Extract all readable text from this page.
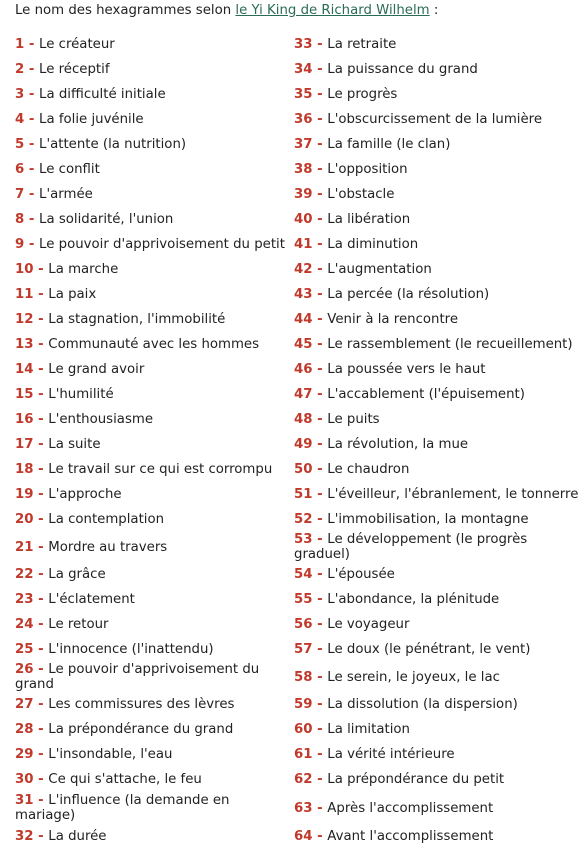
Le nom des hexagrammes selon le Yi King de Richard Wilhelm :
1 - Le créateur	33 - La retraite
2 - Le réceptif	34 - La puissance du grand
3 - La difficulté initiale	35 - Le progrès
4 - La folie juvénile	36 - L'obscurcissement de la lumière
5 - L'attente (la nutrition)	37 - La famille (le clan)
6 - Le conflit	38 - L'opposition
7 - L'armée	39 - L'obstacle
8 - La solidarité, l'union	40 - La libération
9 - Le pouvoir d'apprivoisement du petit	41 - La diminution
10 - La marche	42 - L'augmentation
11 - La paix	43 - La percée (la résolution)
12 - La stagnation, l'immobilité	44 - Venir à la rencontre
13 - Communauté avec les hommes	45 - Le rassemblement (le recueillement)
14 - Le grand avoir	46 - La poussée vers le haut
15 - L'humilité	47 - L'accablement (l'épuisement)
16 - L'enthousiasme	48 - Le puits
17 - La suite	49 - La révolution, la mue
18 - Le travail sur ce qui est corrompu	50 - Le chaudron
19 - L'approche	51 - L'éveilleur, l'ébranlement, le tonnerre
20 - La contemplation	52 - L'immobilisation, la montagne
21 - Mordre au travers	53 - Le développement (le progrès graduel)
22 - La grâce	54 - L'épousée
23 - L'éclatement	55 - L'abondance, la plénitude
24 - Le retour	56 - Le voyageur
25 - L'innocence (l'inattendu)	57 - Le doux (le pénétrant, le vent)
26 - Le pouvoir d'apprivoisement du grand	58 - Le serein, le joyeux, le lac
27 - Les commissures des lèvres	59 - La dissolution (la dispersion)
28 - La prépondérance du grand	60 - La limitation
29 - L'insondable, l'eau	61 - La vérité intérieure
30 - Ce qui s'attache, le feu	62 - La prépondérance du petit
31 - L'influence (la demande en mariage)	63 - Après l'accomplissement
32 - La durée	64 - Avant l'accomplissement
